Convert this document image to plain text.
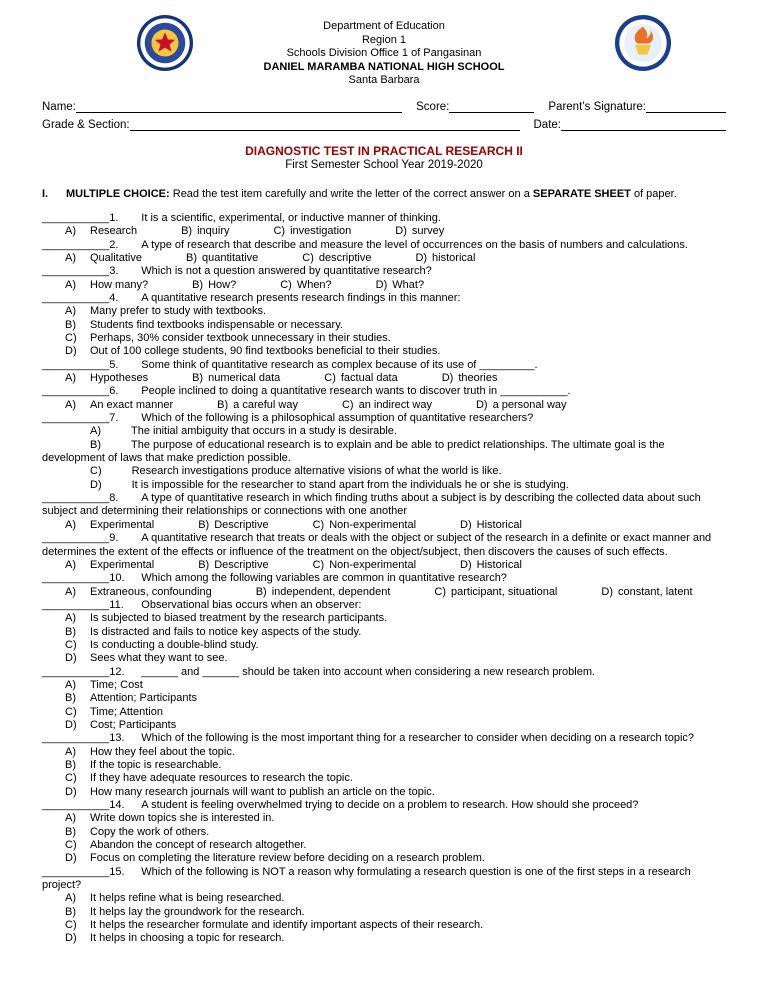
Department of Education
Region 1
Schools Division Office 1 of Pangasinan
DANIEL MARAMBA NATIONAL HIGH SCHOOL
Santa Barbara
Name:	Score:	Parent’s Signature:
Grade & Section:	Date:
DIAGNOSTIC TEST IN PRACTICAL RESEARCH II
First Semester School Year 2019-2020
I. MULTIPLE CHOICE: Read the test item carefully and write the letter of the correct answer on a SEPARATE SHEET of paper.
___________1. It is a scientific, experimental, or inductive manner of thinking.
A) Research	B) inquiry	C) investigation	D) survey
___________2. A type of research that describe and measure the level of occurrences on the basis of numbers and calculations.
A) Qualitative	B) quantitative	C) descriptive	D) historical
___________3. Which is not a question answered by quantitative research?
A) How many?	B) How?	C) When?	D) What?
___________4. A quantitative research presents research findings in this manner:
A) Many prefer to study with textbooks.
B) Students find textbooks indispensable or necessary.
C) Perhaps, 30% consider textbook unnecessary in their studies.
D) Out of 100 college students, 90 find textbooks beneficial to their studies.
___________5. Some think of quantitative research as complex because of its use of _________.
A) Hypotheses	B) numerical data	C) factual data	D) theories
___________6. People inclined to doing a quantitative research wants to discover truth in ___________.
A) An exact manner	B) a careful way	C) an indirect way	D) a personal way
___________7. Which of the following is a philosophical assumption of quantitative researchers?
A)	The initial ambiguity that occurs in a study is desirable.
B)	The purpose of educational research is to explain and be able to predict relationships. The ultimate goal is the development of laws that make prediction possible.
C)	Research investigations produce alternative visions of what the world is like.
D)	It is impossible for the researcher to stand apart from the individuals he or she is studying.
___________8. A type of quantitative research in which finding truths about a subject is by describing the collected data about such subject and determining their relationships or connections with one another
A) Experimental	B) Descriptive	C) Non-experimental	D) Historical
___________9. A quantitative research that treats or deals with the object or subject of the research in a definite or exact manner and determines the extent of the effects or influence of the treatment on the object/subject, then discovers the causes of such effects.
A) Experimental	B) Descriptive	C) Non-experimental	D) Historical
___________10. Which among the following variables are common in quantitative research?
A) Extraneous, confounding	B) independent, dependent	C) participant, situational	D) constant, latent
___________11. Observational bias occurs when an observer:
A) Is subjected to biased treatment by the research participants.
B) Is distracted and fails to notice key aspects of the study.
C) Is conducting a double-blind study.
D) Sees what they want to see.
___________12. ______ and ______ should be taken into account when considering a new research problem.
A) Time; Cost
B) Attention; Participants
C) Time; Attention
D) Cost; Participants
___________13. Which of the following is the most important thing for a researcher to consider when deciding on a research topic?
A) How they feel about the topic.
B) If the topic is researchable.
C) If they have adequate resources to research the topic.
D) How many research journals will want to publish an article on the topic.
___________14. A student is feeling overwhelmed trying to decide on a problem to research. How should she proceed?
A) Write down topics she is interested in.
B) Copy the work of others.
C) Abandon the concept of research altogether.
D) Focus on completing the literature review before deciding on a research problem.
___________15. Which of the following is NOT a reason why formulating a research question is one of the first steps in a research project?
A) It helps refine what is being researched.
B) It helps lay the groundwork for the research.
C) It helps the researcher formulate and identify important aspects of their research.
D) It helps in choosing a topic for research.
